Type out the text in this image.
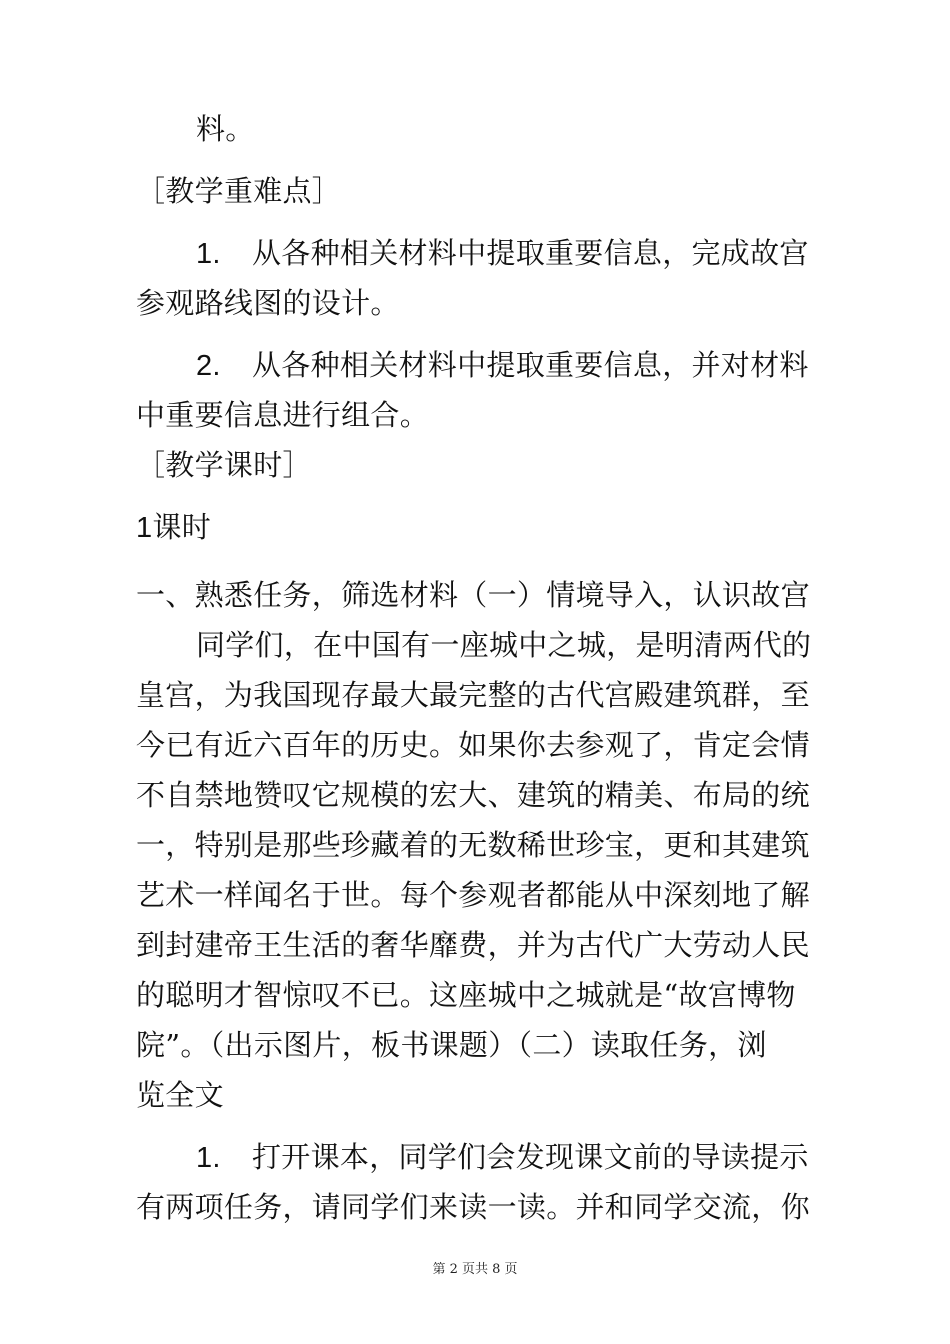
料。
［教学重难点］
1. 从各种相关材料中提取重要信息，完成故宫
参观路线图的设计。
2. 从各种相关材料中提取重要信息，并对材料
中重要信息进行组合。
［教学课时］
1课时
一、熟悉任务，筛选材料（一）情境导入，认识故宫
同学们，在中国有一座城中之城，是明清两代的
皇宫，为我国现存最大最完整的古代宫殿建筑群，至
今已有近六百年的历史。如果你去参观了，肯定会情
不自禁地赞叹它规模的宏大、建筑的精美、布局的统
一，特别是那些珍藏着的无数稀世珍宝，更和其建筑
艺术一样闻名于世。每个参观者都能从中深刻地了解
到封建帝王生活的奢华靡费，并为古代广大劳动人民
的聪明才智惊叹不已。这座城中之城就是“故宫博物
院”。（出示图片，板书课题）（二）读取任务，浏
览全文
1. 打开课本，同学们会发现课文前的导读提示
有两项任务，请同学们来读一读。并和同学交流，你
第 2 页共 8 页
